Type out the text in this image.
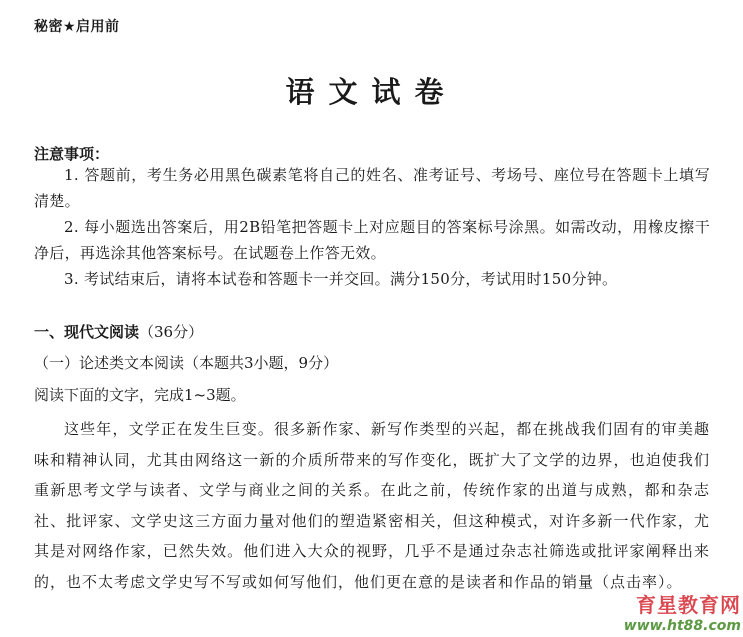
秘密★启用前
语文试卷
注意事项：
1. 答题前，考生务必用黑色碳素笔将自己的姓名、准考证号、考场号、座位号在答题卡上填写清楚。
2. 每小题选出答案后，用2B铅笔把答题卡上对应题目的答案标号涂黑。如需改动，用橡皮擦干净后，再选涂其他答案标号。在试题卷上作答无效。
3. 考试结束后，请将本试卷和答题卡一并交回。满分150分，考试用时150分钟。
一、现代文阅读（36分）
（一）论述类文本阅读（本题共3小题，9分）
阅读下面的文字，完成1~3题。
这些年，文学正在发生巨变。很多新作家、新写作类型的兴起，都在挑战我们固有的审美趣味和精神认同，尤其由网络这一新的介质所带来的写作变化，既扩大了文学的边界，也迫使我们重新思考文学与读者、文学与商业之间的关系。在此之前，传统作家的出道与成熟，都和杂志社、批评家、文学史这三方面力量对他们的塑造紧密相关，但这种模式，对许多新一代作家，尤其是对网络作家，已然失效。他们进入大众的视野，几乎不是通过杂志社筛选或批评家阐释出来的，也不太考虑文学史写不写或如何写他们，他们更在意的是读者和作品的销量（点击率）。
育星教育网
www.ht88.com
